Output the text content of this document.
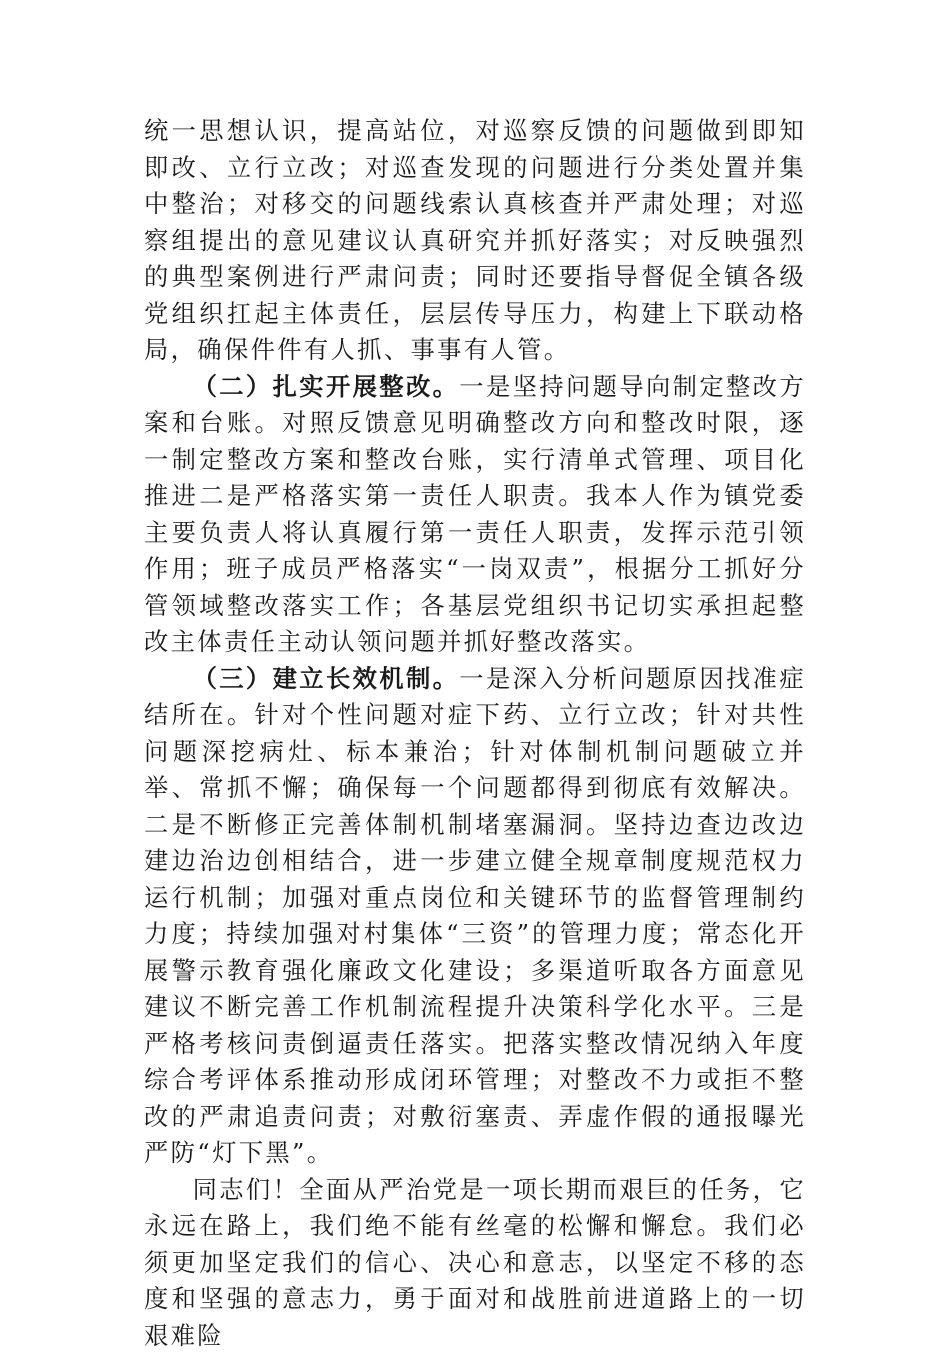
统一思想认识，提高站位，对巡察反馈的问题做到即知即改、立行立改；对巡查发现的问题进行分类处置并集中整治；对移交的问题线索认真核查并严肃处理；对巡察组提出的意见建议认真研究并抓好落实；对反映强烈的典型案例进行严肃问责；同时还要指导督促全镇各级党组织扛起主体责任，层层传导压力，构建上下联动格局，确保件件有人抓、事事有人管。

（二）扎实开展整改。一是坚持问题导向制定整改方案和台账。对照反馈意见明确整改方向和整改时限，逐一制定整改方案和整改台账，实行清单式管理、项目化推进二是严格落实第一责任人职责。我本人作为镇党委主要负责人将认真履行第一责任人职责，发挥示范引领作用；班子成员严格落实“一岗双责”，根据分工抓好分管领域整改落实工作；各基层党组织书记切实承担起整改主体责任主动认领问题并抓好整改落实。

（三）建立长效机制。一是深入分析问题原因找准症结所在。针对个性问题对症下药、立行立改；针对共性问题深挖病灶、标本兼治；针对体制机制问题破立并举、常抓不懈；确保每一个问题都得到彻底有效解决。二是不断修正完善体制机制堵塞漏洞。坚持边查边改边建边治边创相结合，进一步建立健全规章制度规范权力运行机制；加强对重点岗位和关键环节的监督管理制约力度；持续加强对村集体“三资”的管理力度；常态化开展警示教育强化廉政文化建设；多渠道听取各方面意见建议不断完善工作机制流程提升决策科学化水平。三是严格考核问责倒逼责任落实。把落实整改情况纳入年度综合考评体系推动形成闭环管理；对整改不力或拒不整改的严肃追责问责；对敷衍塞责、弄虚作假的通报曝光严防“灯下黑”。

同志们！全面从严治党是一项长期而艰巨的任务，它永远在路上，我们绝不能有丝毫的松懈和懈怠。我们必须更加坚定我们的信心、决心和意志，以坚定不移的态度和坚强的意志力，勇于面对和战胜前进道路上的一切艰难险
